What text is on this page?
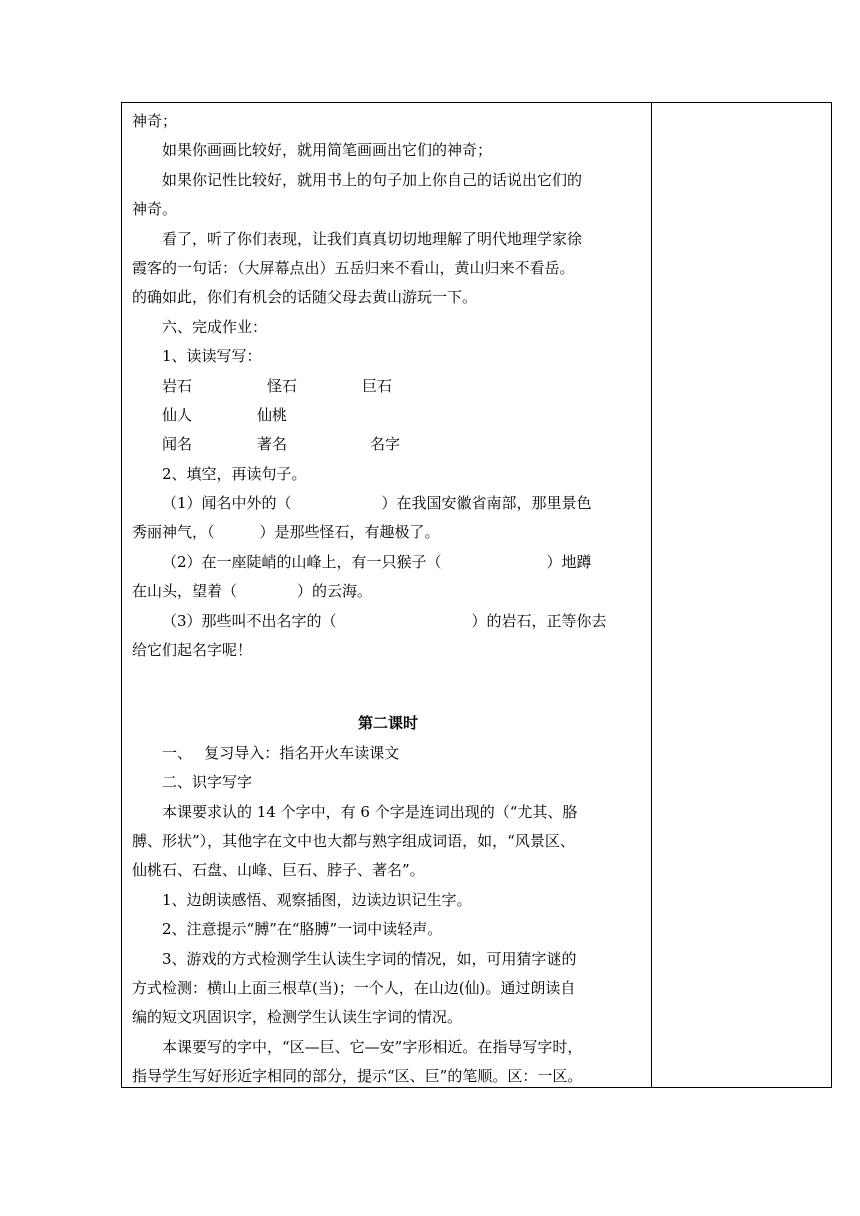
神奇；
如果你画画比较好，就用简笔画画出它们的神奇；
如果你记性比较好，就用书上的句子加上你自己的话说出它们的
神奇。
看了，听了你们表现，让我们真真切切地理解了明代地理学家徐
霞客的一句话：（大屏幕点出）五岳归来不看山，黄山归来不看岳。
的确如此，你们有机会的话随父母去黄山游玩一下。
六、完成作业：
1、读读写写：
岩石	怪石	巨石
仙人	仙桃
闻名	著名	名字
2、填空，再读句子。
（1）闻名中外的（　　　　　　）在我国安徽省南部，那里景色
秀丽神气，（　　　）是那些怪石，有趣极了。
（2）在一座陡峭的山峰上，有一只猴子（　　　　　　　）地蹲
在山头，望着（　　　　）的云海。
（3）那些叫不出名字的（　　　　　　　　　）的岩石，正等你去
给它们起名字呢！
第二课时
一、　 复习导入：指名开火车读课文
二、识字写字
本课要求认的 14 个字中，有 6 个字是连词出现的（“尤其、胳
膊、形状”），其他字在文中也大都与熟字组成词语，如，“风景区、
仙桃石、石盘、山峰、巨石、脖子、著名”。
1、边朗读感悟、观察插图，边读边识记生字。
2、注意提示“膊”在“胳膊”一词中读轻声。
3、游戏的方式检测学生认读生字词的情况，如，可用猜字谜的
方式检测：横山上面三根草(当)；一个人，在山边(仙)。通过朗读自
编的短文巩固识字，检测学生认读生字词的情况。
本课要写的字中，“区—巨、它—安”字形相近。在指导写字时，
指导学生写好形近字相同的部分，提示“区、巨”的笔顺。区：一区。
